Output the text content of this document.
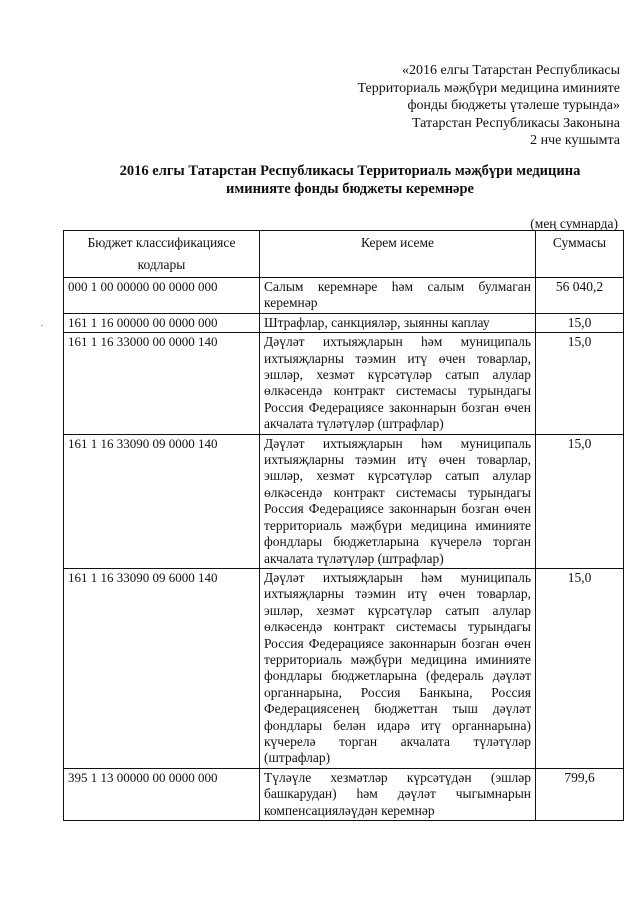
·
«2016 елгы Татарстан Республикасы
Территориаль мәҗбүри медицина иминияте
фонды бюджеты үтәлеше турында»
Татарстан Республикасы Законына
2 нче кушымта
2016 елгы Татарстан Республикасы Территориаль мәҗбүри медицина
иминияте фонды бюджеты керемнәре
(мең сумнарда)
Бюджет классификациясе
кодлары	Керем исеме	Суммасы

000 1 00 00000 00 0000 000	Салым керемнәре һәм салым булмаган керемнәр	56 040,2
161 1 16 00000 00 0000 000	Штрафлар, санкцияләр, зыянны каплау	15,0
161 1 16 33000 00 0000 140	Дәүләт ихтыяҗларын һәм муниципаль ихтыяҗларны тәэмин итү өчен товарлар, эшләр, хезмәт күрсәтүләр сатып алулар өлкәсендә контракт системасы турындагы Россия Федерациясе законнарын бозган өчен акчалата түләтүләр (штрафлар)	15,0
161 1 16 33090 09 0000 140	Дәүләт ихтыяҗларын һәм муниципаль ихтыяҗларны тәэмин итү өчен товарлар, эшләр, хезмәт күрсәтүләр сатып алулар өлкәсендә контракт системасы турындагы Россия Федерациясе законнарын бозган өчен территориаль мәҗбүри медицина иминияте фондлары бюджетларына күчерелә торган акчалата түләтүләр (штрафлар)	15,0
161 1 16 33090 09 6000 140	Дәүләт ихтыяҗларын һәм муниципаль ихтыяҗларны тәэмин итү өчен товарлар, эшләр, хезмәт күрсәтүләр сатып алулар өлкәсендә контракт системасы турындагы Россия Федерациясе законнарын бозган өчен территориаль мәҗбүри медицина иминияте фондлары бюджетларына (федераль дәүләт органнарына, Россия Банкына, Россия Федерациясенең бюджеттан тыш дәүләт фондлары белән идарә итү органнарына) күчерелә торган акчалата түләтүләр (штрафлар)	15,0
395 1 13 00000 00 0000 000	Түләүле хезмәтләр күрсәтүдән (эшләр башкарудан) һәм дәүләт чыгымнарын компенсацияләүдән керемнәр	799,6
